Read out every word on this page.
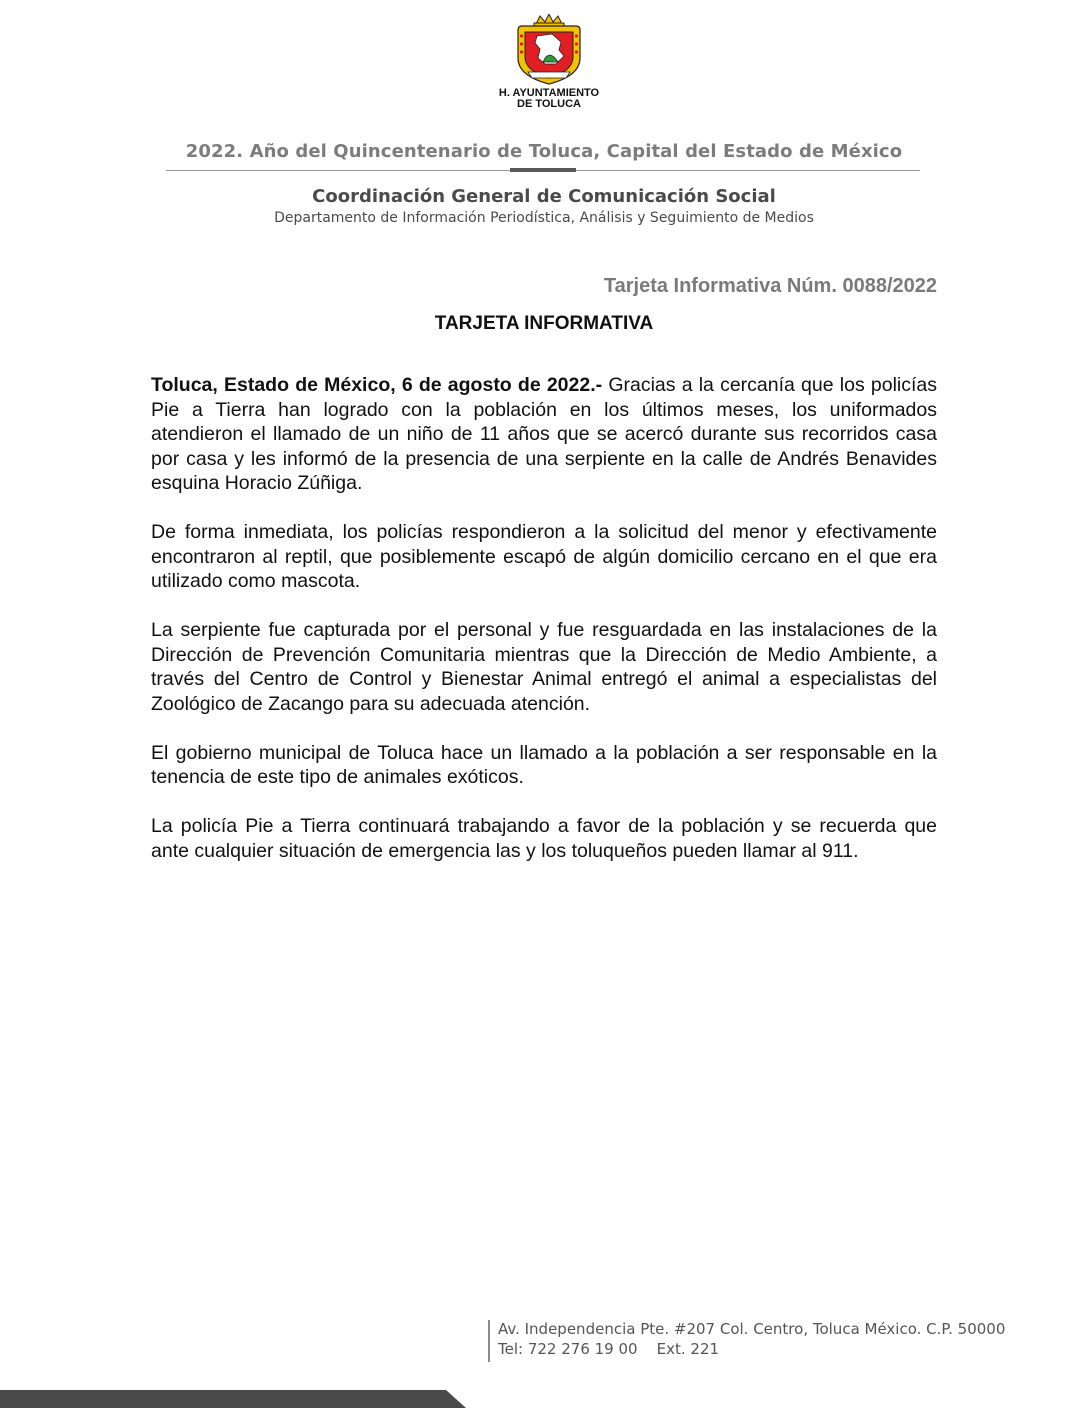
H. AYUNTAMIENTO
DE TOLUCA
2022. Año del Quincentenario de Toluca, Capital del Estado de México
Coordinación General de Comunicación Social
Departamento de Información Periodística, Análisis y Seguimiento de Medios
Tarjeta Informativa Núm. 0088/2022
TARJETA INFORMATIVA

Toluca, Estado de México, 6 de agosto de 2022.- Gracias a la cercanía que los policías Pie a Tierra han logrado con la población en los últimos meses, los uniformados atendieron el llamado de un niño de 11 años que se acercó durante sus recorridos casa por casa y les informó de la presencia de una serpiente en la calle de Andrés Benavides esquina Horacio Zúñiga.

De forma inmediata, los policías respondieron a la solicitud del menor y efectivamente encontraron al reptil, que posiblemente escapó de algún domicilio cercano en el que era utilizado como mascota.

La serpiente fue capturada por el personal y fue resguardada en las instalaciones de la Dirección de Prevención Comunitaria mientras que la Dirección de Medio Ambiente, a través del Centro de Control y Bienestar Animal entregó el animal a especialistas del Zoológico de Zacango para su adecuada atención.

El gobierno municipal de Toluca hace un llamado a la población a ser responsable en la tenencia de este tipo de animales exóticos.

La policía Pie a Tierra continuará trabajando a favor de la población y se recuerda que ante cualquier situación de emergencia las y los toluqueños pueden llamar al 911.

Av. Independencia Pte. #207 Col. Centro, Toluca México. C.P. 50000
Tel: 722 276 19 00    Ext. 221
